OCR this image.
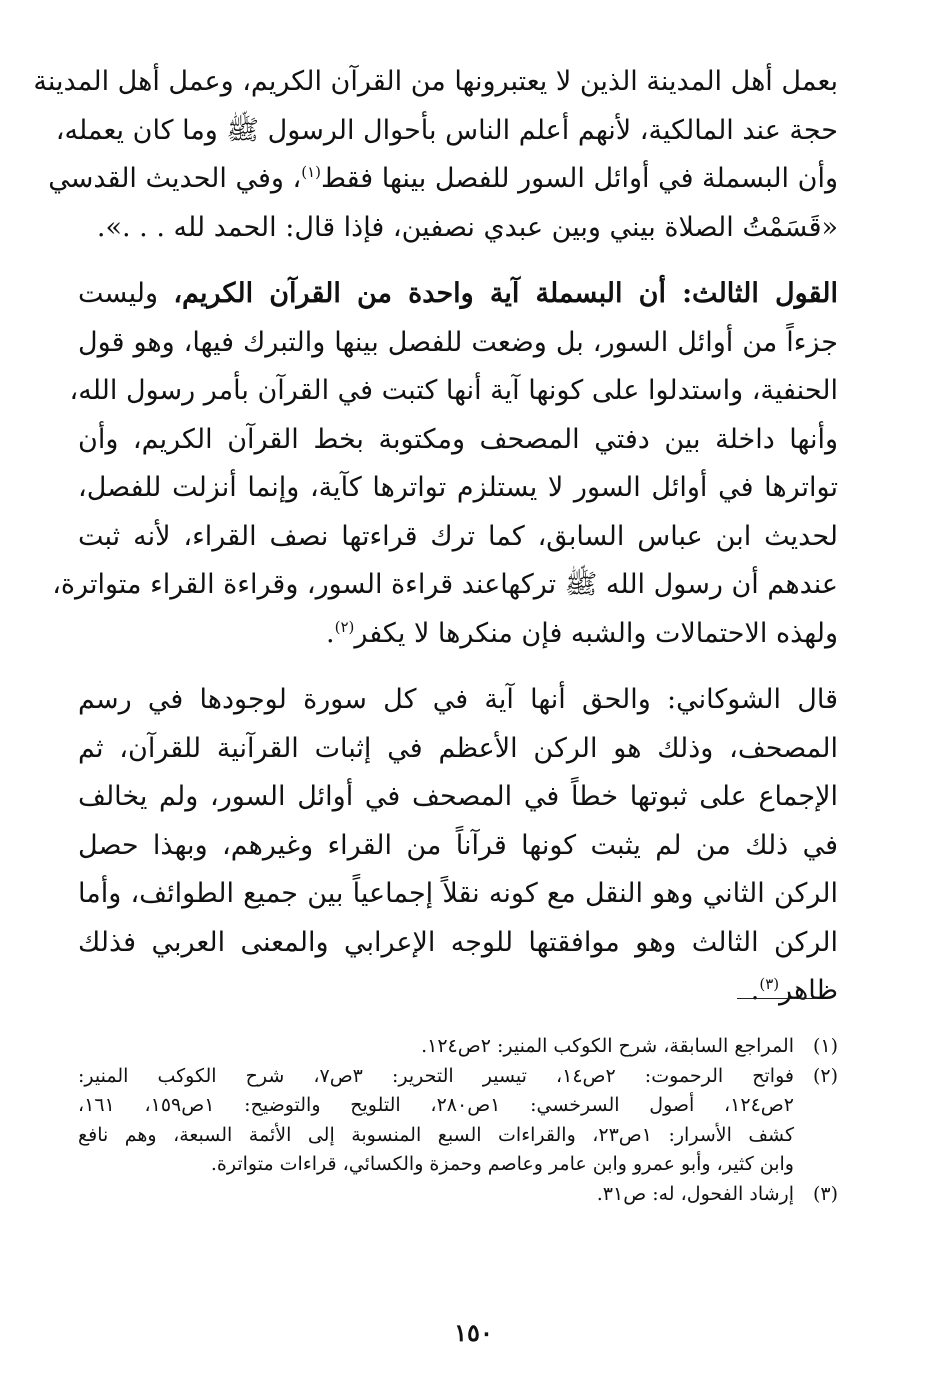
بعمل أهل المدينة الذين لا يعتبرونها من القرآن الكريم، وعمل أهل المدينة
حجة عند المالكية، لأنهم أعلم الناس بأحوال الرسول ﷺ وما كان يعمله،
وأن البسملة في أوائل السور للفصل بينها فقط$^{(١)}$، وفي الحديث القدسي
«قَسَمْتُ الصلاة بيني وبين عبدي نصفين، فإذا قال: الحمد لله . . .».

القول الثالث: أن البسملة آية واحدة من القرآن الكريم، وليست
جزءاً من أوائل السور، بل وضعت للفصل بينها والتبرك فيها، وهو قول
الحنفية، واستدلوا على كونها آية أنها كتبت في القرآن بأمر رسول الله،
وأنها داخلة بين دفتي المصحف ومكتوبة بخط القرآن الكريم، وأن
تواترها في أوائل السور لا يستلزم تواترها كآية، وإنما أنزلت للفصل،
لحديث ابن عباس السابق، كما ترك قراءتها نصف القراء، لأنه ثبت
عندهم أن رسول الله ﷺ تركهاعند قراءة السور، وقراءة القراء متواترة،
ولهذه الاحتمالات والشبه فإن منكرها لا يكفر$^{(٢)}$.

قال الشوكاني: والحق أنها آية في كل سورة لوجودها في رسم
المصحف، وذلك هو الركن الأعظم في إثبات القرآنية للقرآن، ثم
الإجماع على ثبوتها خطاً في المصحف في أوائل السور، ولم يخالف
في ذلك من لم يثبت كونها قرآناً من القراء وغيرهم، وبهذا حصل
الركن الثاني وهو النقل مع كونه نقلاً إجماعياً بين جميع الطوائف، وأما
الركن الثالث وهو موافقتها للوجه الإعرابي والمعنى العربي فذلك
ظاهر$^{(٣)}$.

(١)
المراجع السابقة، شرح الكوكب المنير: ٢ص١٢٤.
(٢)
فواتح الرحموت: ٢ص١٤، تيسير التحرير: ٣ص٧، شرح الكوكب المنير:
٢ص١٢٤، أصول السرخسي: ١ص٢٨٠، التلويح والتوضيح: ١ص١٥٩، ١٦١،
كشف الأسرار: ١ص٢٣، والقراءات السبع المنسوبة إلى الأئمة السبعة، وهم نافع
وابن كثير، وأبو عمرو وابن عامر وعاصم وحمزة والكسائي، قراءات متواترة.
(٣)
إرشاد الفحول، له: ص٣١.
١٥٠
